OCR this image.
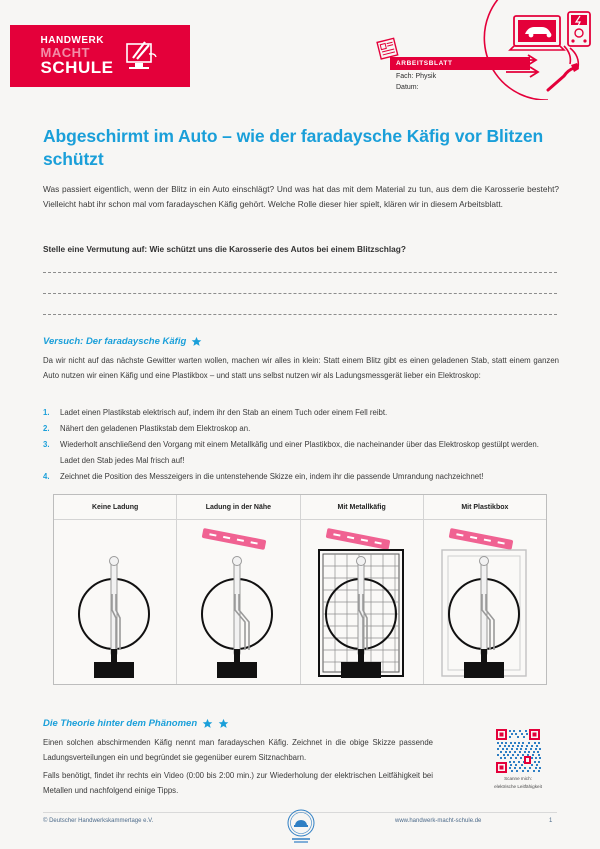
HANDWERK
MACHT
SCHULE	ARBEITSBLATT
Fach: Physik
Datum:
Abgeschirmt im Auto – wie der faradaysche Käfig vor Blitzen schützt

Was passiert eigentlich, wenn der Blitz in ein Auto einschlägt? Und was hat das mit dem Material zu tun, aus dem die Karosserie besteht? Vielleicht habt ihr schon mal vom faradayschen Käfig gehört. Welche Rolle dieser hier spielt, klären wir in diesem Arbeitsblatt.

Stelle eine Vermutung auf: Wie schützt uns die Karosserie des Autos bei einem Blitzschlag?

Versuch: Der faradaysche Käfig

Da wir nicht auf das nächste Gewitter warten wollen, machen wir alles in klein: Statt einem Blitz gibt es einen geladenen Stab, statt einem ganzen Auto nutzen wir einen Käfig und eine Plastikbox – und statt uns selbst nutzen wir als Ladungsmessgerät lieber ein Elektroskop:

1.	Ladet einen Plastikstab elektrisch auf, indem ihr den Stab an einem Tuch oder einem Fell reibt.
2.	Nähert den geladenen Plastikstab dem Elektroskop an.
3.	Wiederholt anschließend den Vorgang mit einem Metallkäfig und einer Plastikbox, die nacheinander über das Elektroskop gestülpt werden. Ladet den Stab jedes Mal frisch auf!
4.	Zeichnet die Position des Messzeigers in die untenstehende Skizze ein, indem ihr die passende Umrandung nachzeichnet!
Keine Ladung	Ladung in der Nähe	Mit Metallkäfig	Mit Plastikbox
Die Theorie hinter dem Phänomen

Einen solchen abschirmenden Käfig nennt man faradayschen Käfig. Zeichnet in die obige Skizze passende Ladungsverteilungen ein und begründet sie gegenüber eurem Sitznachbarn.

Falls benötigt, findet ihr rechts ein Video (0:00 bis 2:00 min.) zur Wiederholung der elektrischen Leitfähigkeit bei Metallen und nachfolgend einige Tipps.

Scanne mich:
elektrische Leitfähigkeit
© Deutscher Handwerkskammertage e.V.	www.handwerk-macht-schule.de	1
